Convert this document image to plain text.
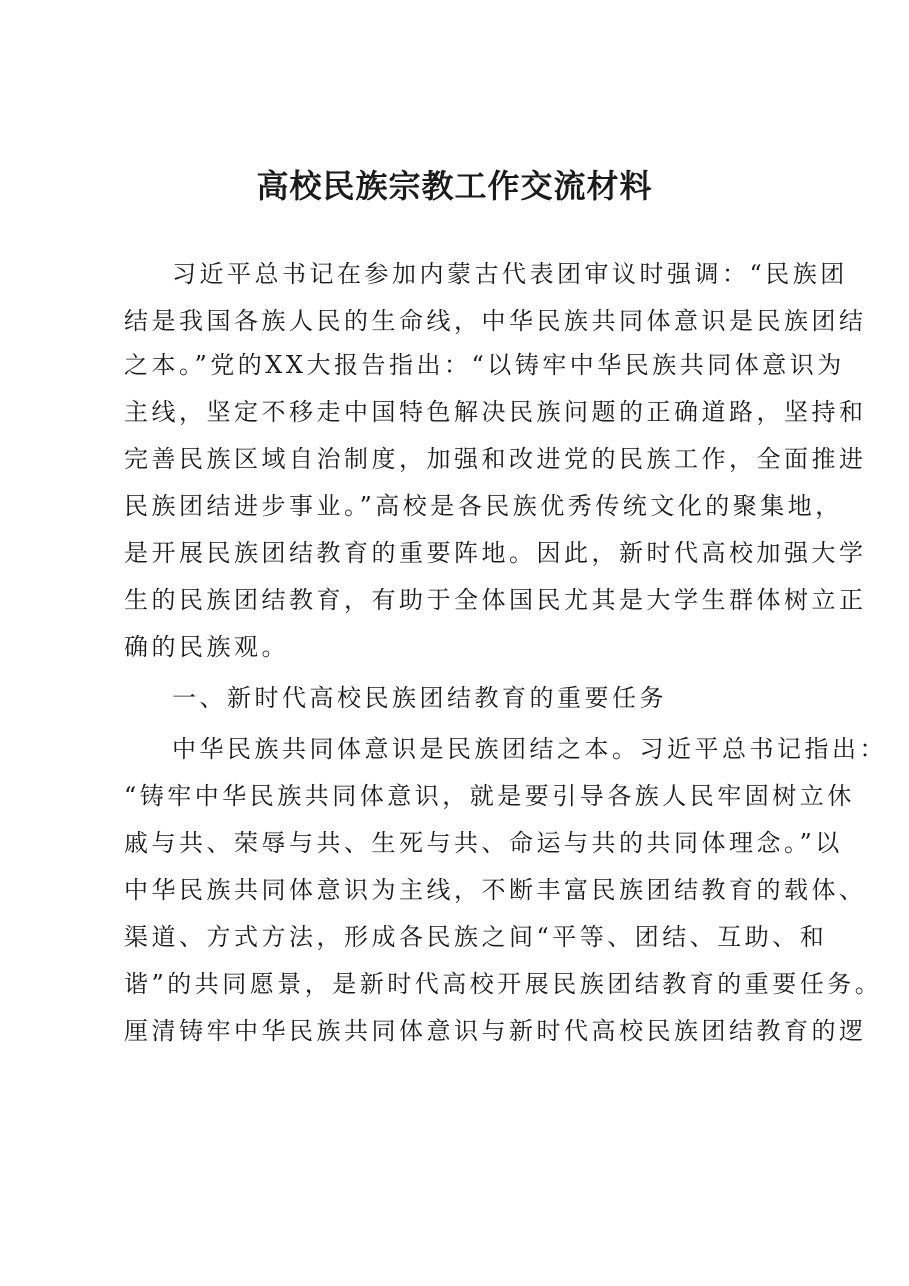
高校民族宗教工作交流材料
习近平总书记在参加内蒙古代表团审议时强调：“民族团
结是我国各族人民的生命线，中华民族共同体意识是民族团结
之本。”党的XX大报告指出：“以铸牢中华民族共同体意识为
主线，坚定不移走中国特色解决民族问题的正确道路，坚持和
完善民族区域自治制度，加强和改进党的民族工作，全面推进
民族团结进步事业。”高校是各民族优秀传统文化的聚集地，
是开展民族团结教育的重要阵地。因此，新时代高校加强大学
生的民族团结教育，有助于全体国民尤其是大学生群体树立正
确的民族观。
一、新时代高校民族团结教育的重要任务
中华民族共同体意识是民族团结之本。习近平总书记指出：
“铸牢中华民族共同体意识，就是要引导各族人民牢固树立休
戚与共、荣辱与共、生死与共、命运与共的共同体理念。”以
中华民族共同体意识为主线，不断丰富民族团结教育的载体、
渠道、方式方法，形成各民族之间“平等、团结、互助、和
谐”的共同愿景，是新时代高校开展民族团结教育的重要任务。
厘清铸牢中华民族共同体意识与新时代高校民族团结教育的逻
